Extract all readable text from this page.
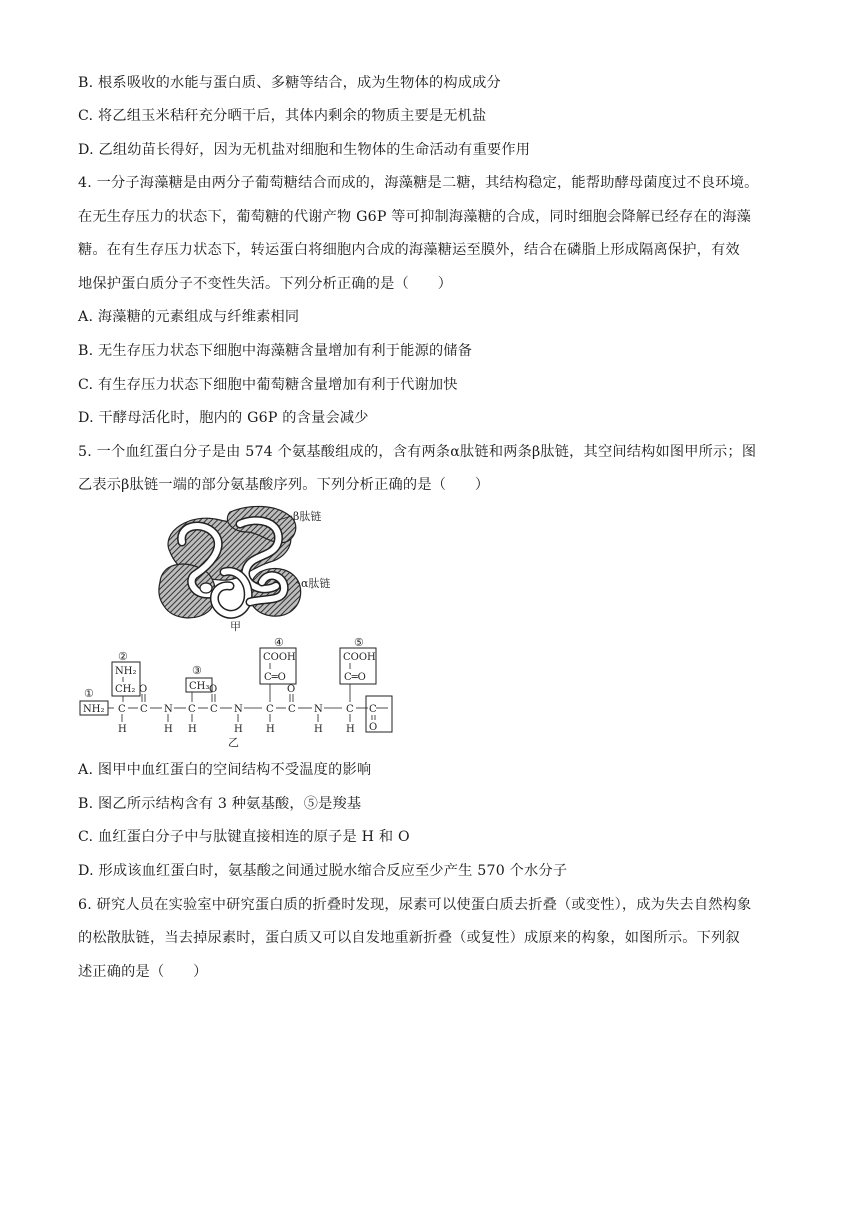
B. 根系吸收的水能与蛋白质、多糖等结合，成为生物体的构成成分
C. 将乙组玉米秸秆充分晒干后，其体内剩余的物质主要是无机盐
D. 乙组幼苗长得好，因为无机盐对细胞和生物体的生命活动有重要作用
4. 一分子海藻糖是由两分子葡萄糖结合而成的，海藻糖是二糖，其结构稳定，能帮助酵母菌度过不良环境。
在无生存压力的状态下，葡萄糖的代谢产物 G6P 等可抑制海藻糖的合成，同时细胞会降解已经存在的海藻
糖。在有生存压力状态下，转运蛋白将细胞内合成的海藻糖运至膜外，结合在磷脂上形成隔离保护，有效
地保护蛋白质分子不变性失活。下列分析正确的是（　　）
A. 海藻糖的元素组成与纤维素相同
B. 无生存压力状态下细胞中海藻糖含量增加有利于能源的储备
C. 有生存压力状态下细胞中葡萄糖含量增加有利于代谢加快
D. 干酵母活化时，胞内的 G6P 的含量会减少
5. 一个血红蛋白分子是由 574 个氨基酸组成的，含有两条α肽链和两条β肽链，其空间结构如图甲所示；图
乙表示β肽链一端的部分氨基酸序列。下列分析正确的是（　　）
β肽链
α肽链
甲
①
②
③
④	⑤
NH₂
NH₂
CH₂
C
H
C
O
N
H
CH₃
C
H
C
O
N
H
COOH
C═O
C
H
C
O
N
H
COOH
C═O
C
H
C
O
乙
A. 图甲中血红蛋白的空间结构不受温度的影响
B. 图乙所示结构含有 3 种氨基酸，⑤是羧基
C. 血红蛋白分子中与肽键直接相连的原子是 H 和 O
D. 形成该血红蛋白时，氨基酸之间通过脱水缩合反应至少产生 570 个水分子
6. 研究人员在实验室中研究蛋白质的折叠时发现，尿素可以使蛋白质去折叠（或变性），成为失去自然构象
的松散肽链，当去掉尿素时，蛋白质又可以自发地重新折叠（或复性）成原来的构象，如图所示。下列叙
述正确的是（　　）
